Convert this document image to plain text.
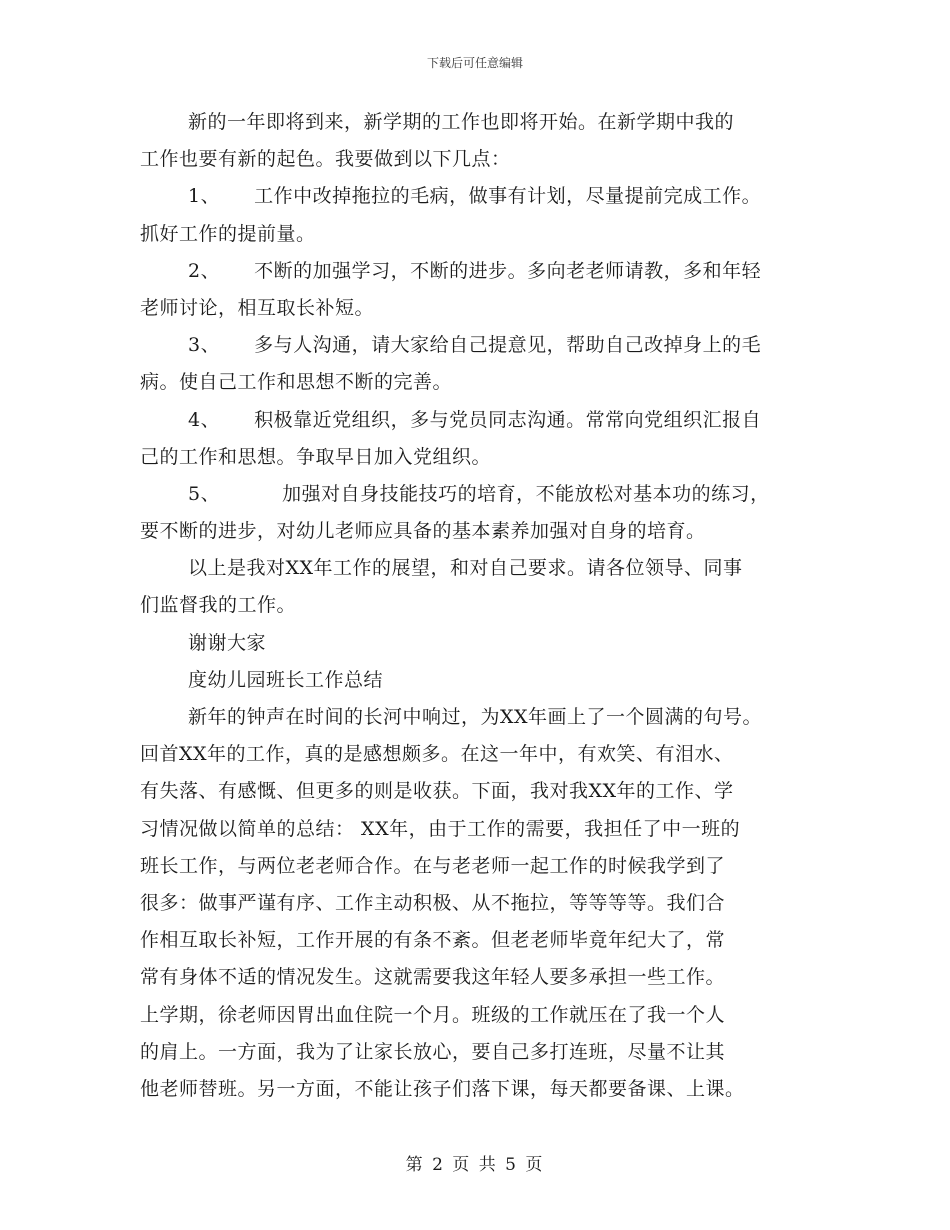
下载后可任意编辑
新的一年即将到来，新学期的工作也即将开始。在新学期中我的
工作也要有新的起色。我要做到以下几点：
1、 工作中改掉拖拉的毛病，做事有计划，尽量提前完成工作。
抓好工作的提前量。
2、 不断的加强学习，不断的进步。多向老老师请教，多和年轻
老师讨论，相互取长补短。
3、 多与人沟通，请大家给自己提意见，帮助自己改掉身上的毛
病。使自己工作和思想不断的完善。
4、 积极靠近党组织，多与党员同志沟通。常常向党组织汇报自
己的工作和思想。争取早日加入党组织。
5、	加强对自身技能技巧的培育，不能放松对基本功的练习，
要不断的进步，对幼儿老师应具备的基本素养加强对自身的培育。
以上是我对XX年工作的展望，和对自己要求。请各位领导、同事
们监督我的工作。
谢谢大家
度幼儿园班长工作总结
新年的钟声在时间的长河中响过，为XX年画上了一个圆满的句号。
回首XX年的工作，真的是感想颇多。在这一年中，有欢笑、有泪水、
有失落、有感慨、但更多的则是收获。下面，我对我XX年的工作、学
习情况做以简单的总结： XX年，由于工作的需要，我担任了中一班的
班长工作，与两位老老师合作。在与老老师一起工作的时候我学到了
很多：做事严谨有序、工作主动积极、从不拖拉，等等等等。我们合
作相互取长补短，工作开展的有条不紊。但老老师毕竟年纪大了，常
常有身体不适的情况发生。这就需要我这年轻人要多承担一些工作。
上学期，徐老师因胃出血住院一个月。班级的工作就压在了我一个人
的肩上。一方面，我为了让家长放心，要自己多打连班，尽量不让其
他老师替班。另一方面，不能让孩子们落下课，每天都要备课、上课。
第 2 页 共 5 页
